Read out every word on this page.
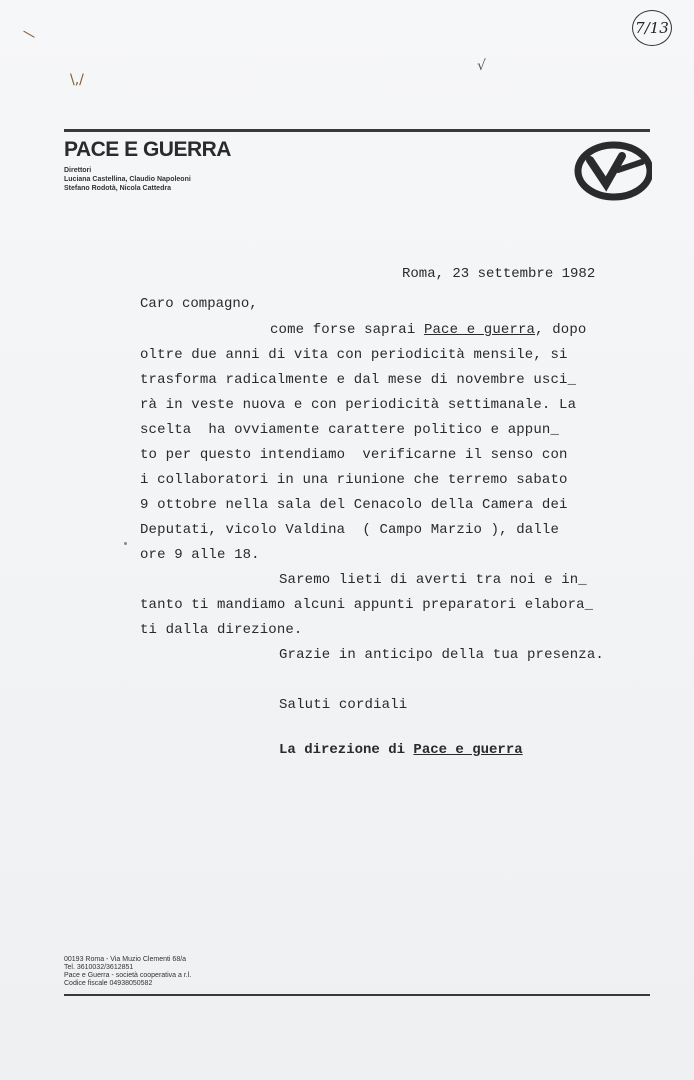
—
\,/
√
7/13
PACE E GUERRA
Direttori
Luciana Castellina, Claudio Napoleoni
Stefano Rodotà, Nicola Cattedra
Roma, 23 settembre 1982
Caro compagno,
come forse saprai Pace e guerra, dopo
oltre due anni di vita con periodicità mensile, si
trasforma radicalmente e dal mese di novembre usci_
rà in veste nuova e con periodicità settimanale. La
scelta  ha ovviamente carattere politico e appun_
to per questo intendiamo  verificarne il senso con
i collaboratori in una riunione che terremo sabato
9 ottobre nella sala del Cenacolo della Camera dei
Deputati, vicolo Valdina  ( Campo Marzio ), dalle
ore 9 alle 18.
Saremo lieti di averti tra noi e in_
tanto ti mandiamo alcuni appunti preparatori elabora_
ti dalla direzione.
Grazie in anticipo della tua presenza.
Saluti cordiali
La direzione di Pace e guerra
00193 Roma - Via Muzio Clementi 68/a
Tel. 3610032/3612851
Pace e Guerra - società cooperativa a r.l.
Codice fiscale 04938050582
